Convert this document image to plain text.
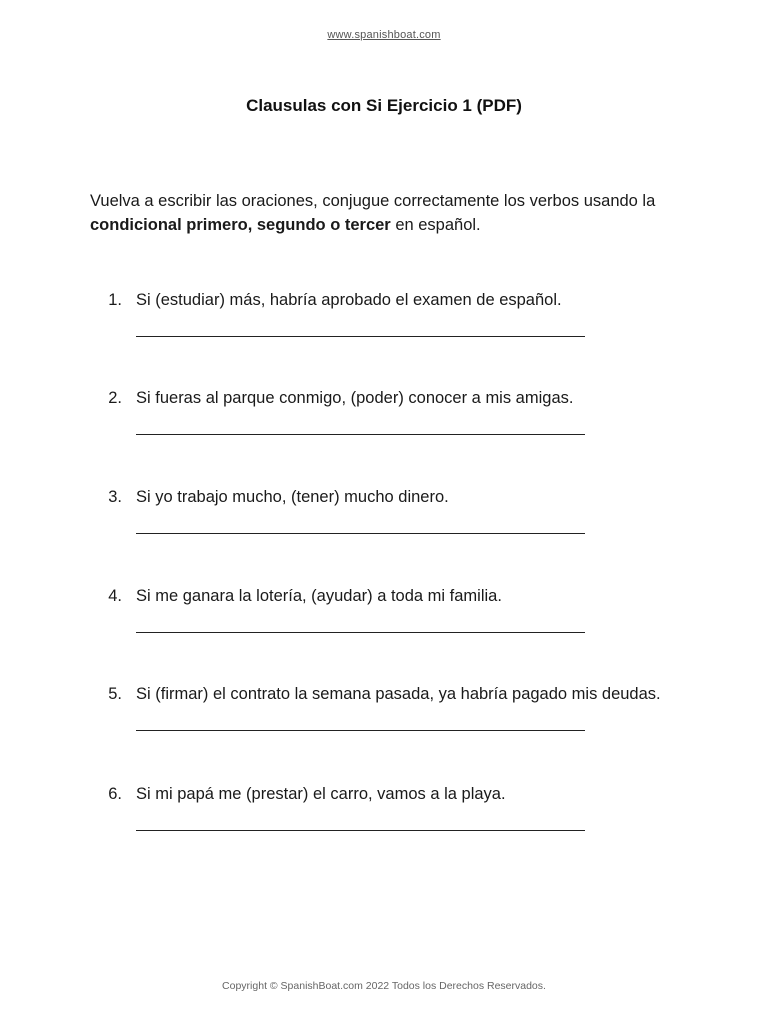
www.spanishboat.com
Clausulas con Si Ejercicio 1 (PDF)
Vuelva a escribir las oraciones, conjugue correctamente los verbos usando la condicional primero, segundo o tercer en español.
1. Si (estudiar) más, habría aprobado el examen de español.
2. Si fueras al parque conmigo, (poder) conocer a mis amigas.
3. Si yo trabajo mucho, (tener) mucho dinero.
4. Si me ganara la lotería, (ayudar) a toda mi familia.
5. Si (firmar) el contrato la semana pasada, ya habría pagado mis deudas.
6. Si mi papá me (prestar) el carro, vamos a la playa.
Copyright © SpanishBoat.com 2022 Todos los Derechos Reservados.
